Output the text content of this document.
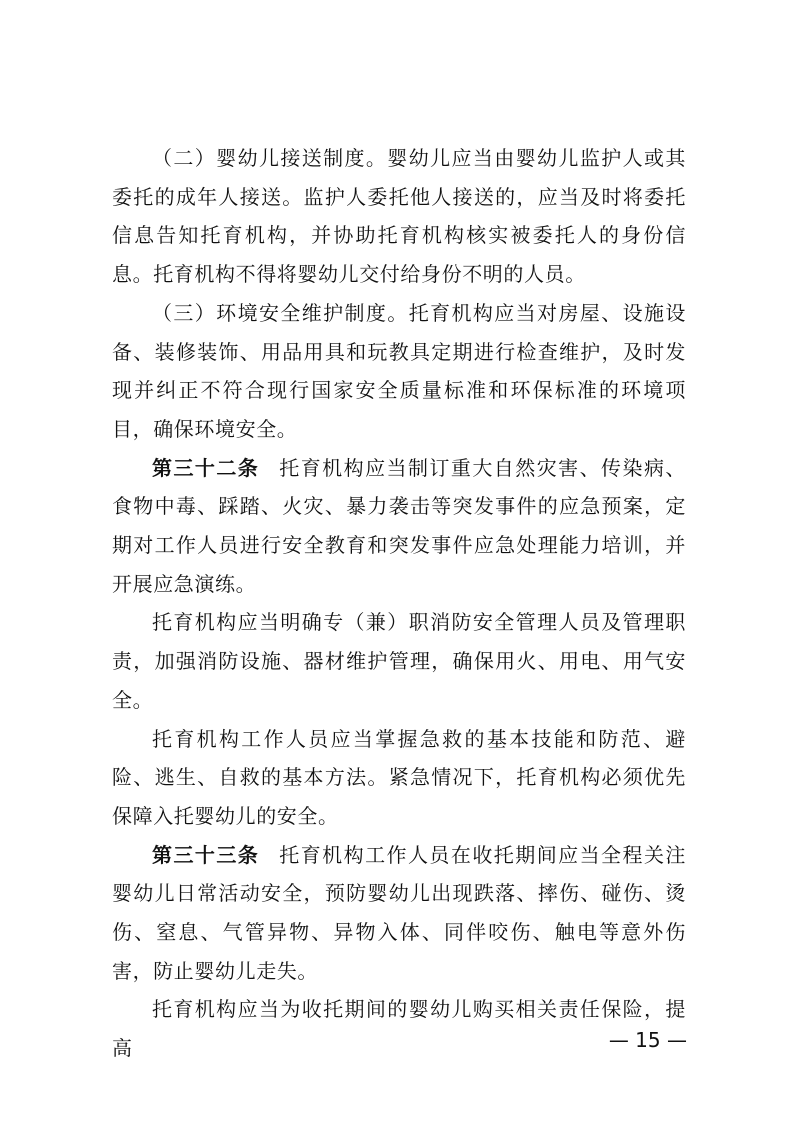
（二）婴幼儿接送制度。婴幼儿应当由婴幼儿监护人或其委托的成年人接送。监护人委托他人接送的，应当及时将委托信息告知托育机构，并协助托育机构核实被委托人的身份信息。托育机构不得将婴幼儿交付给身份不明的人员。

（三）环境安全维护制度。托育机构应当对房屋、设施设备、装修装饰、用品用具和玩教具定期进行检查维护，及时发现并纠正不符合现行国家安全质量标准和环保标准的环境项目，确保环境安全。

第三十二条 托育机构应当制订重大自然灾害、传染病、食物中毒、踩踏、火灾、暴力袭击等突发事件的应急预案，定期对工作人员进行安全教育和突发事件应急处理能力培训，并开展应急演练。

托育机构应当明确专（兼）职消防安全管理人员及管理职责，加强消防设施、器材维护管理，确保用火、用电、用气安全。

托育机构工作人员应当掌握急救的基本技能和防范、避险、逃生、自救的基本方法。紧急情况下，托育机构必须优先保障入托婴幼儿的安全。

第三十三条 托育机构工作人员在收托期间应当全程关注婴幼儿日常活动安全，预防婴幼儿出现跌落、摔伤、碰伤、烫伤、窒息、气管异物、异物入体、同伴咬伤、触电等意外伤害，防止婴幼儿走失。

托育机构应当为收托期间的婴幼儿购买相关责任保险，提高	— 15 —
